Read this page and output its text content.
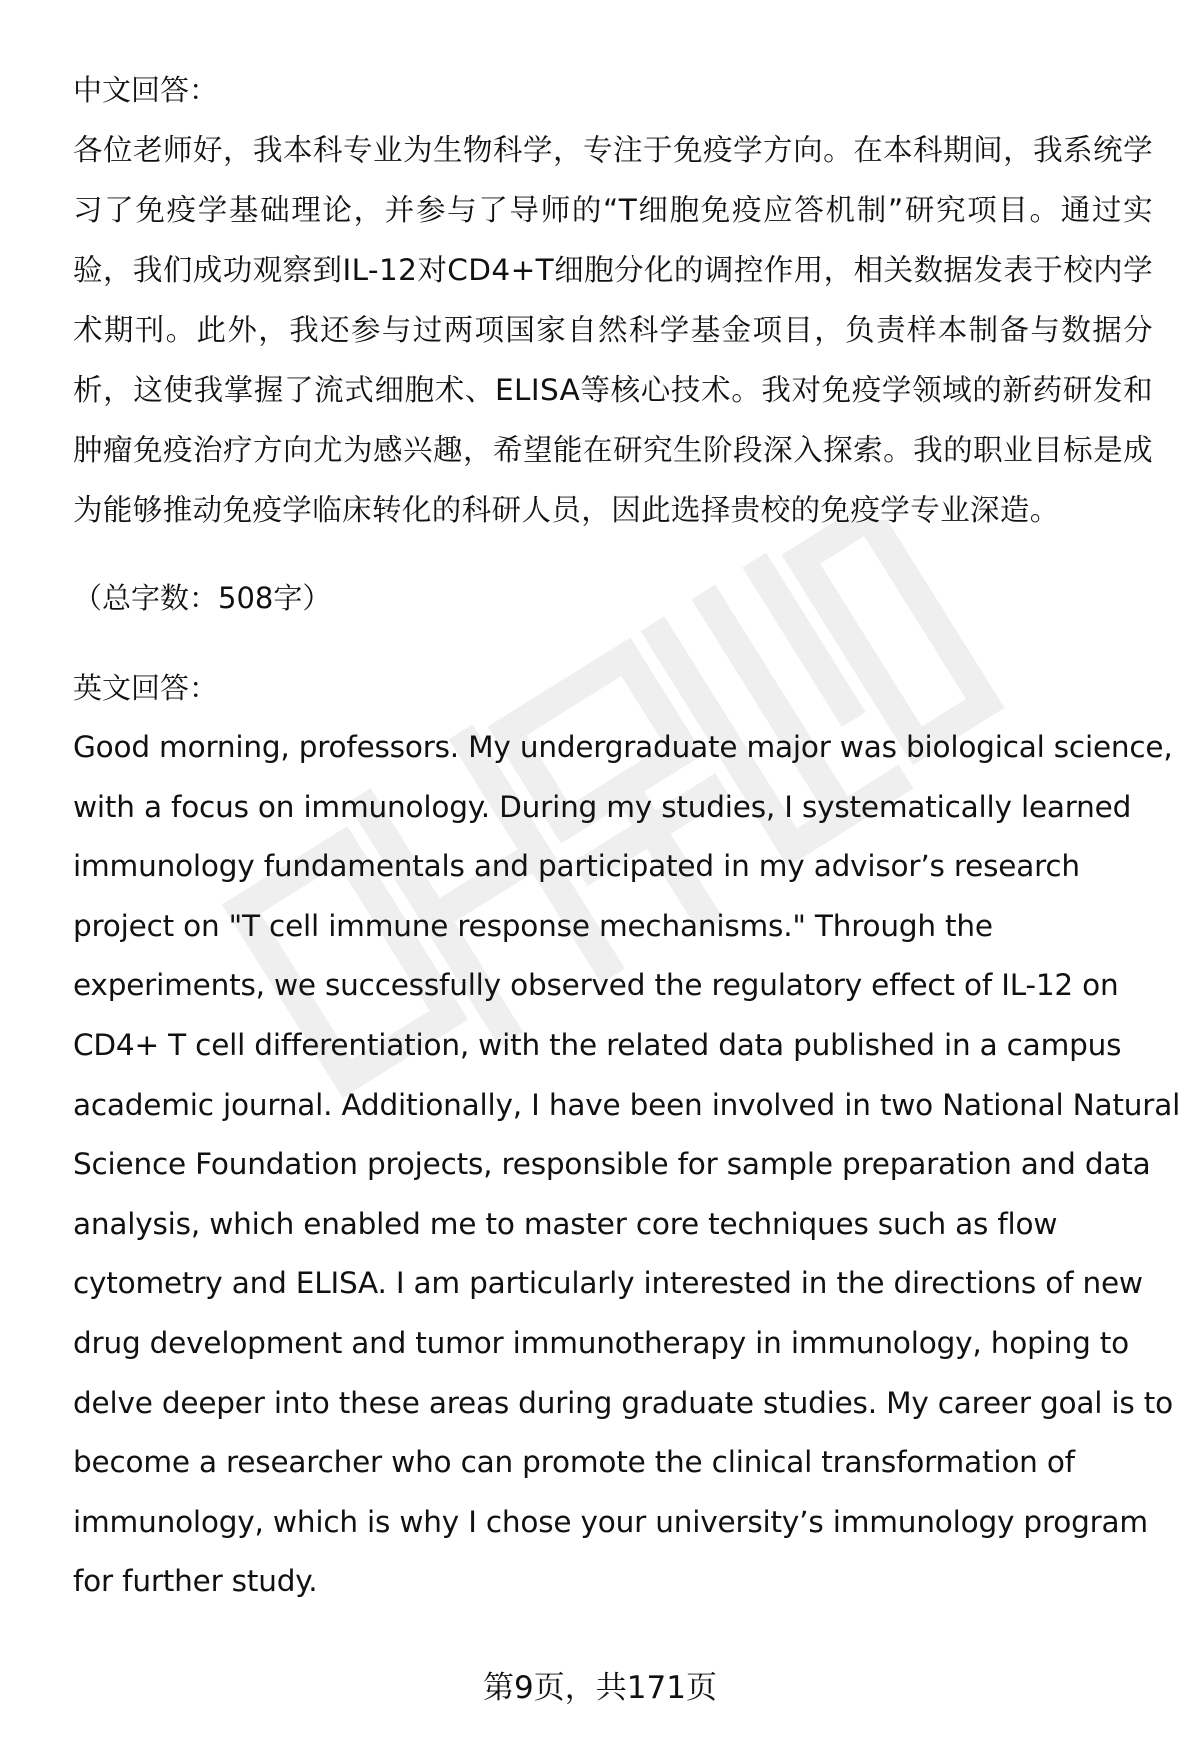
中文回答：

各位老师好，我本科专业为生物科学，专注于免疫学方向。在本科期间，我系统学习了免疫学基础理论，并参与了导师的“T细胞免疫应答机制”研究项目。通过实验，我们成功观察到IL-12对CD4+T细胞分化的调控作用，相关数据发表于校内学术期刊。此外，我还参与过两项国家自然科学基金项目，负责样本制备与数据分析，这使我掌握了流式细胞术、ELISA等核心技术。我对免疫学领域的新药研发和肿瘤免疫治疗方向尤为感兴趣，希望能在研究生阶段深入探索。我的职业目标是成为能够推动免疫学临床转化的科研人员，因此选择贵校的免疫学专业深造。

（总字数：508字）

英文回答：

Good morning, professors. My undergraduate major was biological science,
with a focus on immunology. During my studies, I systematically learned
immunology fundamentals and participated in my advisor’s research
project on "T cell immune response mechanisms." Through the
experiments, we successfully observed the regulatory effect of IL-12 on
CD4+ T cell differentiation, with the related data published in a campus
academic journal. Additionally, I have been involved in two National Natural
Science Foundation projects, responsible for sample preparation and data
analysis, which enabled me to master core techniques such as flow
cytometry and ELISA. I am particularly interested in the directions of new
drug development and tumor immunotherapy in immunology, hoping to
delve deeper into these areas during graduate studies. My career goal is to
become a researcher who can promote the clinical transformation of
immunology, which is why I chose your university’s immunology program
for further study.

第9页，共171页
